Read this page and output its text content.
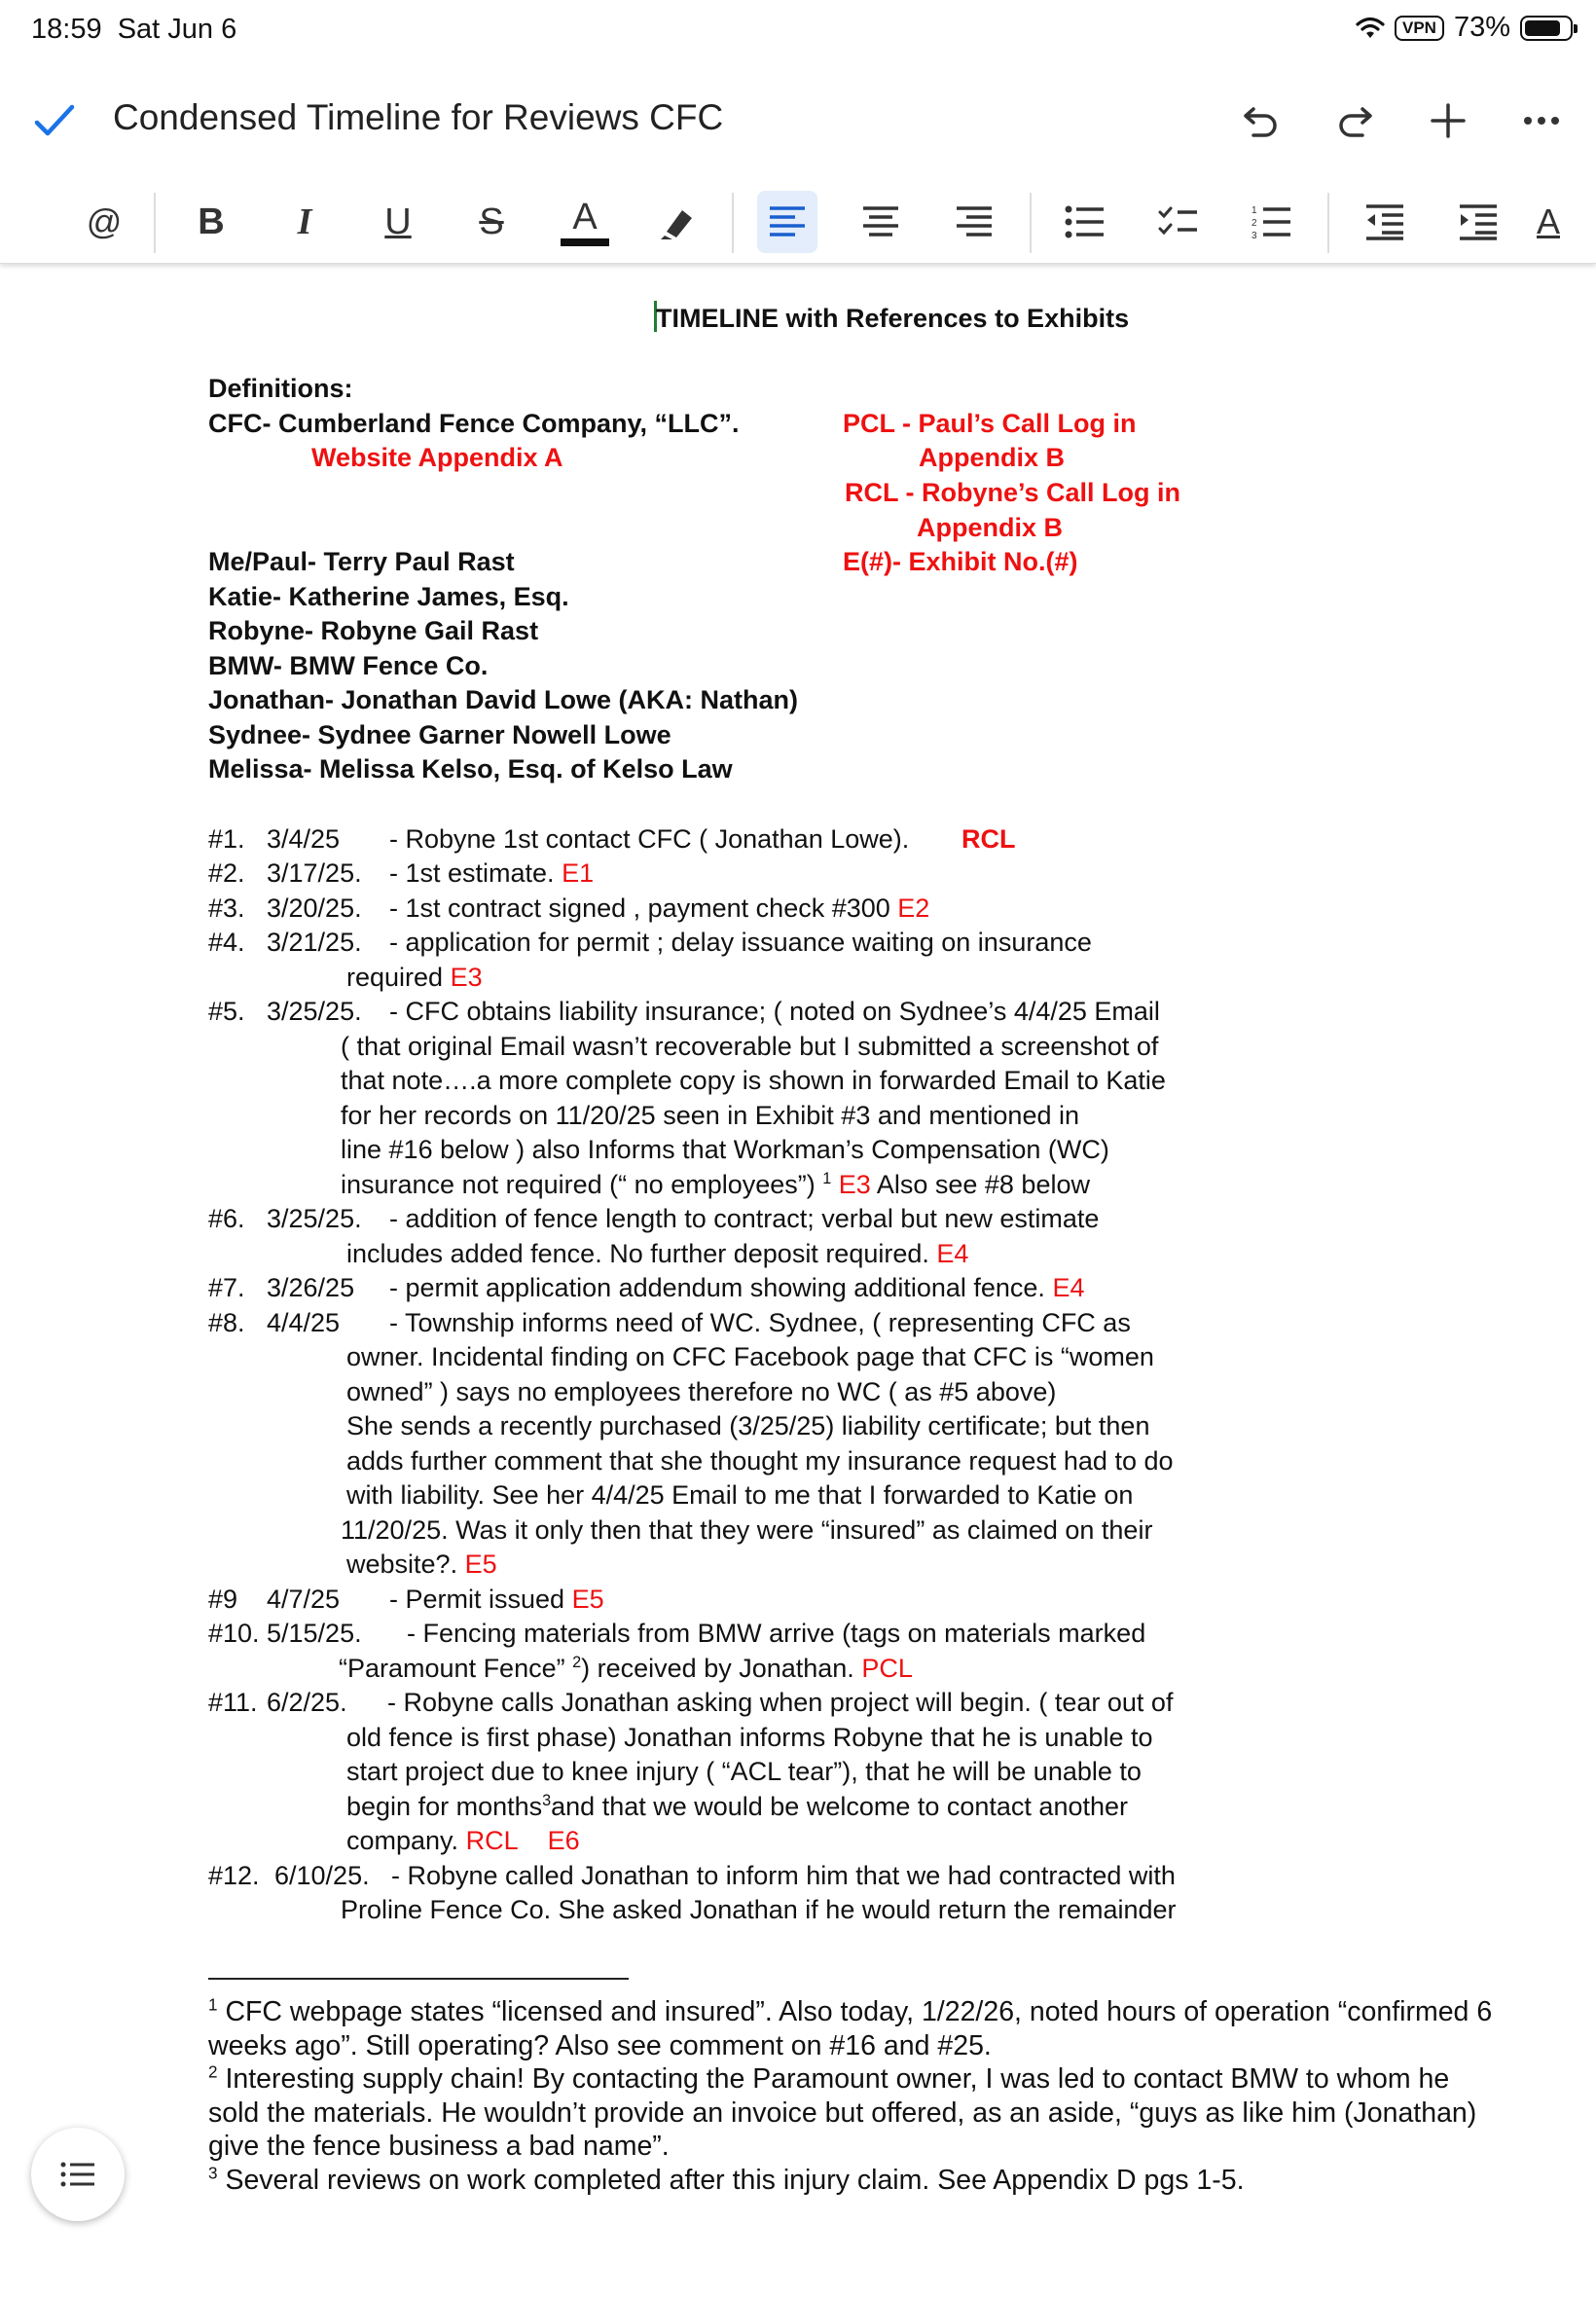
18:59 Sat Jun 6	VPN 73%
Condensed Timeline for Reviews CFC
@	B	I	U	S	A	1
2
3	A
TIMELINE with References to Exhibits
Definitions:
CFC- Cumberland Fence Company, “LLC”.
Website Appendix A
PCL - Paul’s Call Log in
Appendix B
RCL - Robyne’s Call Log in
Appendix B
E(#)- Exhibit No.(#)
Me/Paul- Terry Paul Rast
Katie- Katherine James, Esq.
Robyne- Robyne Gail Rast
BMW- BMW Fence Co.
Jonathan- Jonathan David Lowe (AKA: Nathan)
Sydnee- Sydnee Garner Nowell Lowe
Melissa- Melissa Kelso, Esq. of Kelso Law
#1. 3/4/25 - Robyne 1st contact CFC ( Jonathan Lowe). RCL
#2. 3/17/25. - 1st estimate. E1
#3. 3/20/25. - 1st contract signed , payment check #300 E2
#4. 3/21/25. - application for permit ; delay issuance waiting on insurance
required E3
#5. 3/25/25. - CFC obtains liability insurance; ( noted on Sydnee’s 4/4/25 Email
( that original Email wasn’t recoverable but I submitted a screenshot of
that note….a more complete copy is shown in forwarded Email to Katie
for her records on 11/20/25 seen in Exhibit #3 and mentioned in
line #16 below ) also Informs that Workman’s Compensation (WC)
insurance not required (“ no employees”) $^1$ E3 Also see #8 below
#6. 3/25/25. - addition of fence length to contract; verbal but new estimate
includes added fence. No further deposit required. E4
#7. 3/26/25 - permit application addendum showing additional fence. E4
#8. 4/4/25 - Township informs need of WC. Sydnee, ( representing CFC as
owner. Incidental finding on CFC Facebook page that CFC is “women
owned” ) says no employees therefore no WC ( as #5 above)
She sends a recently purchased (3/25/25) liability certificate; but then
adds further comment that she thought my insurance request had to do
with liability. See her 4/4/25 Email to me that I forwarded to Katie on
11/20/25. Was it only then that they were “insured” as claimed on their
website?. E5
#9 4/7/25 - Permit issued E5
#10. 5/15/25. - Fencing materials from BMW arrive (tags on materials marked
“Paramount Fence” $^2$) received by Jonathan. PCL
#11. 6/2/25. - Robyne calls Jonathan asking when project will begin. ( tear out of
old fence is first phase) Jonathan informs Robyne that he is unable to
start project due to knee injury ( “ACL tear”), that he will be unable to
begin for months$^3$and that we would be welcome to contact another
company. RCL E6
#12. 6/10/25. - Robyne called Jonathan to inform him that we had contracted with
Proline Fence Co. She asked Jonathan if he would return the remainder
$^1$ CFC webpage states “licensed and insured”. Also today, 1/22/26, noted hours of operation “confirmed 6
weeks ago”. Still operating? Also see comment on #16 and #25.
$^2$ Interesting supply chain! By contacting the Paramount owner, I was led to contact BMW to whom he
sold the materials. He wouldn’t provide an invoice but offered, as an aside, “guys as like him (Jonathan)
give the fence business a bad name”.
$^3$ Several reviews on work completed after this injury claim. See Appendix D pgs 1-5.
